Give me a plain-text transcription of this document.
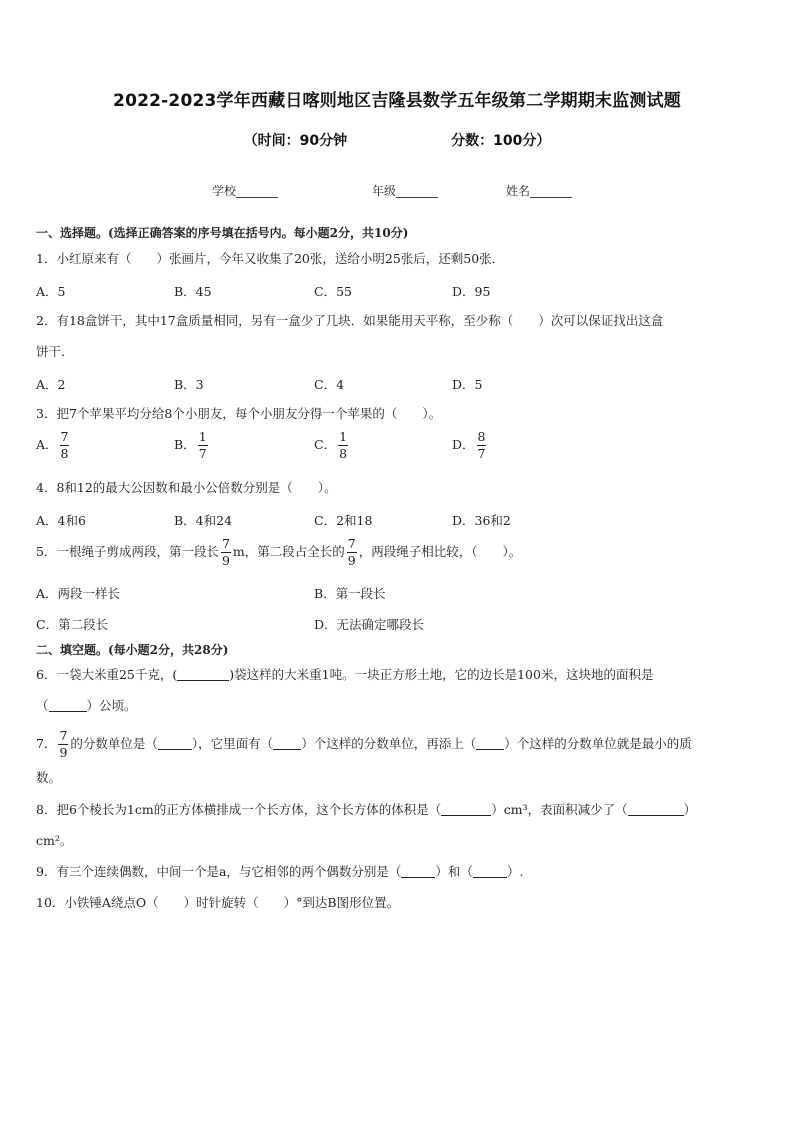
2022-2023学年西藏日喀则地区吉隆县数学五年级第二学期期末监测试题
（时间：90分钟	分数：100分）
学校_______	年级_______	姓名_______
一、选择题。(选择正确答案的序号填在括号内。每小题2分，共10分)
1．小红原来有（　　）张画片，今年又收集了20张，送给小明25张后，还剩50张．
A．5	B．45	C．55	D．95
2．有18盒饼干，其中17盒质量相同，另有一盒少了几块．如果能用天平称，至少称（　　）次可以保证找出这盒
饼干．
A．2	B．3	C．4	D．5
3．把7个苹果平均分给8个小朋友，每个小朋友分得一个苹果的（　　）。
A． $\frac{7}{8}$	B． $\frac{1}{7}$	C． $\frac{1}{8}$	D． $\frac{8}{7}$
4．8和12的最大公因数和最小公倍数分别是（　　）。
A．4和6	B．4和24	C．2和18	D．36和2
5．一根绳子剪成两段，第一段长 $\frac{7}{9}$ m，第二段占全长的 $\frac{7}{9}$ ，两段绳子相比较，（　　）。
A．两段一样长	B．第一段长
C．第二段长	D．无法确定哪段长
二、填空题。(每小题2分，共28分)
6．一袋大米重25千克，(	)袋这样的大米重1吨。一块正方形土地，它的边长是100米，这块地的面积是
（	）公顷。
7． $\frac{7}{9}$ 的分数单位是（	），它里面有（ ）个这样的分数单位，再添上（ ）个这样的分数单位就是最小的质
数。
8．把6个棱长为1cm的正方体横排成一个长方体，这个长方体的体积是（	）cm³，表面积减少了（	）
cm²。
9．有三个连续偶数，中间一个是a，与它相邻的两个偶数分别是（	）和（	）.
10．小铁锤A绕点O（　　）时针旋转（　　）°到达B图形位置。
